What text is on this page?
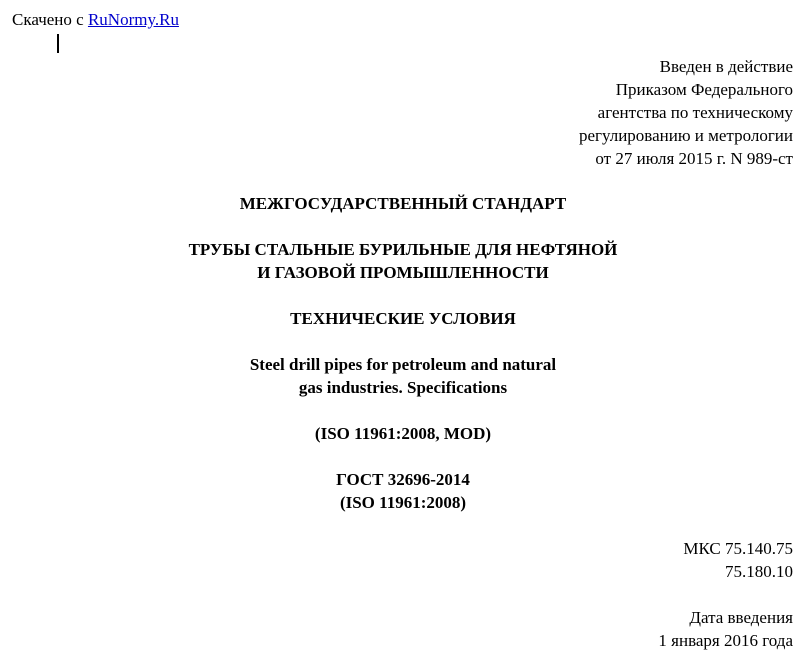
Скачено с RuNormy.Ru
Введен в действие
Приказом Федерального
агентства по техническому
регулированию и метрологии
от 27 июля 2015 г. N 989-ст
МЕЖГОСУДАРСТВЕННЫЙ СТАНДАРТ
ТРУБЫ СТАЛЬНЫЕ БУРИЛЬНЫЕ ДЛЯ НЕФТЯНОЙ
И ГАЗОВОЙ ПРОМЫШЛЕННОСТИ
ТЕХНИЧЕСКИЕ УСЛОВИЯ
Steel drill pipes for petroleum and natural
gas industries. Specifications
(ISO 11961:2008, MOD)
ГОСТ 32696-2014
(ISO 11961:2008)
МКС 75.140.75
75.180.10
Дата введения
1 января 2016 года
